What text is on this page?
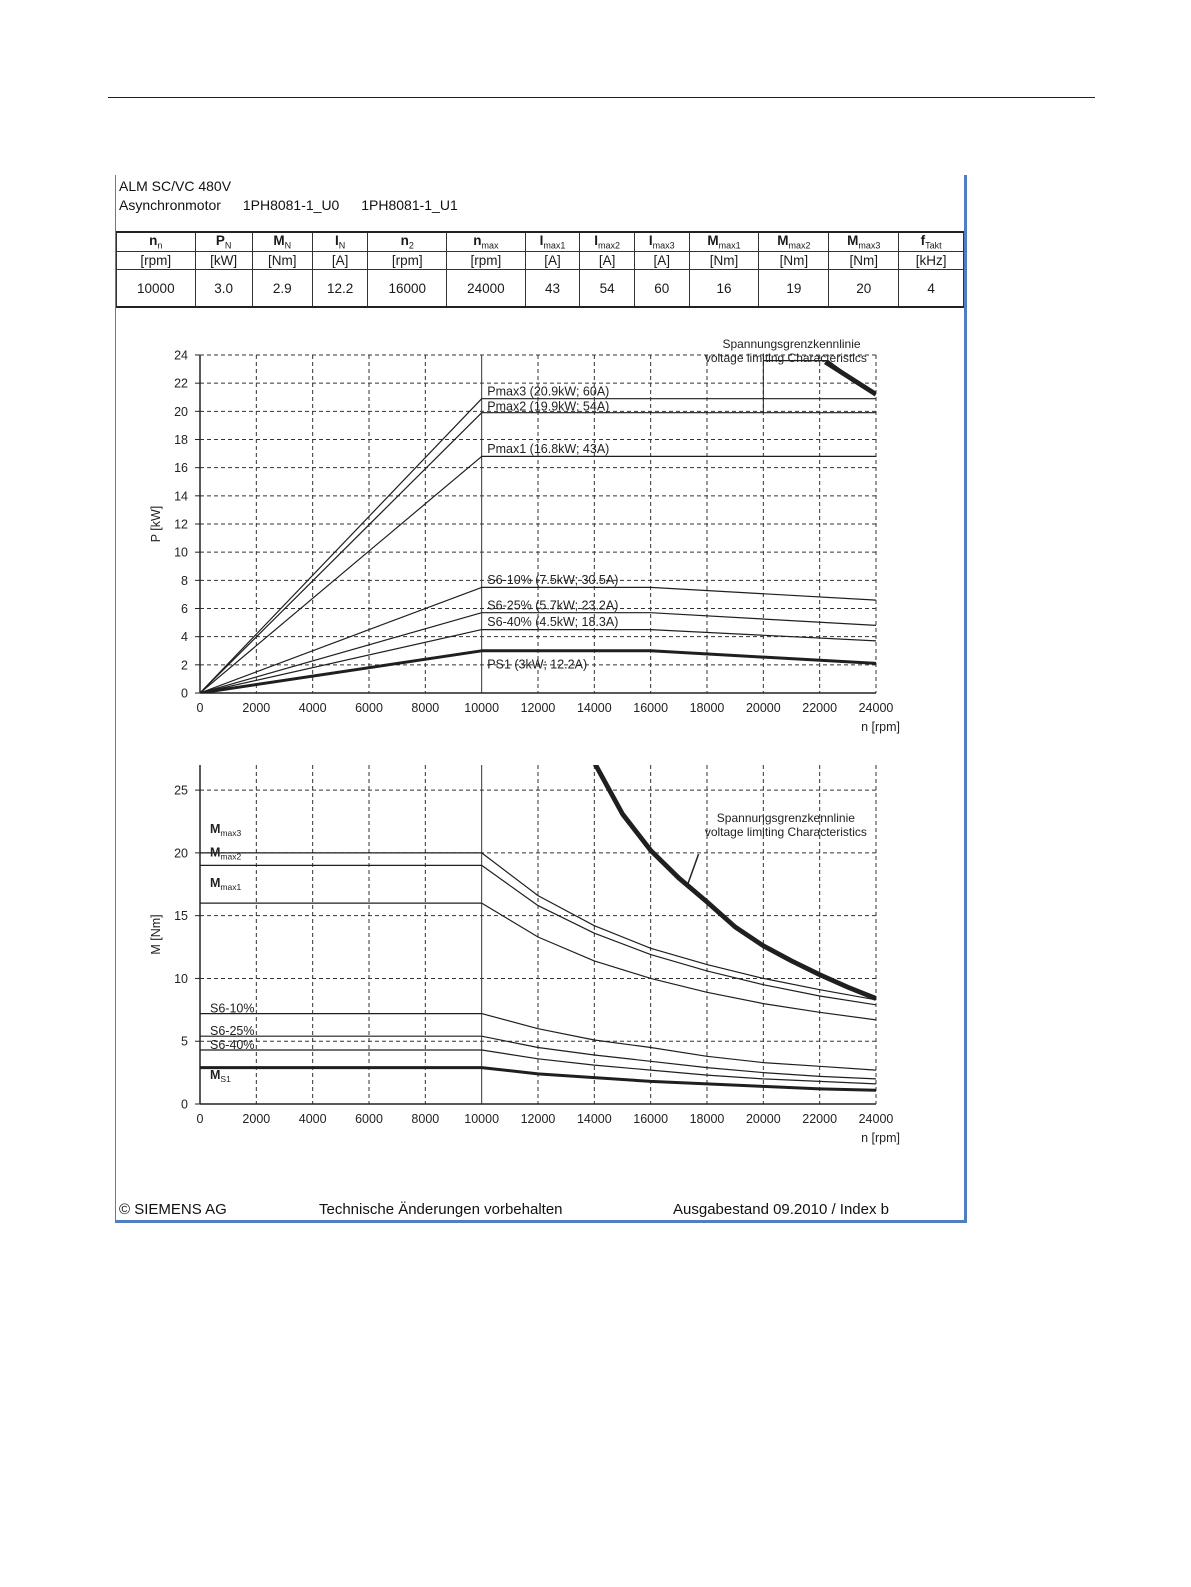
ALM SC/VC 480V
Asynchronmotor 1PH8081-1_U0 1PH8081-1_U1
$n_n$	$P_N$	$M_N$	$I_N$	$n_2$	$n_{max}$	$I_{max1}$	$I_{max2}$	$I_{max3}$	$M_{max1}$	$M_{max2}$	$M_{max3}$	$f_{Takt}$
[rpm]	[kW]	[Nm]	[A]	[rpm]	[rpm]	[A]	[A]	[A]	[Nm]	[Nm]	[Nm]	[kHz]
10000	3.0	2.9	12.2	16000	24000	43	54	60	16	19	20	4
0	2000 4000 6000 8000 10000 12000 14000 16000 18000 20000 22000 24000
0
2
4
6
8
10
12
14
16
18
20
22
24
n [rpm]
P [kW]
Pmax3 (20.9kW; 60A)
Pmax2 (19.9kW; 54A)
Pmax1 (16.8kW; 43A)
S6-10% (7.5kW; 30.5A)
S6-25% (5.7kW; 23.2A)
S6-40% (4.5kW; 18.3A)
PS1 (3kW; 12.2A)
Spannungsgrenzkennlinie
voltage limiting Characteristics
0	2000 4000 6000 8000 10000 12000 14000 16000 18000 20000 22000 24000
0
5
10
15
20
25
n [rpm]
M [Nm]
Spannungsgrenzkennlinie
voltage limiting Characteristics
$M_{max3}$
$M_{max2}$
$M_{max1}$
$M_{S1}$
S6-10%
S6-25%
S6-40%
© SIEMENS AG	Technische Änderungen vorbehalten	Ausgabestand 09.2010 / Index b
